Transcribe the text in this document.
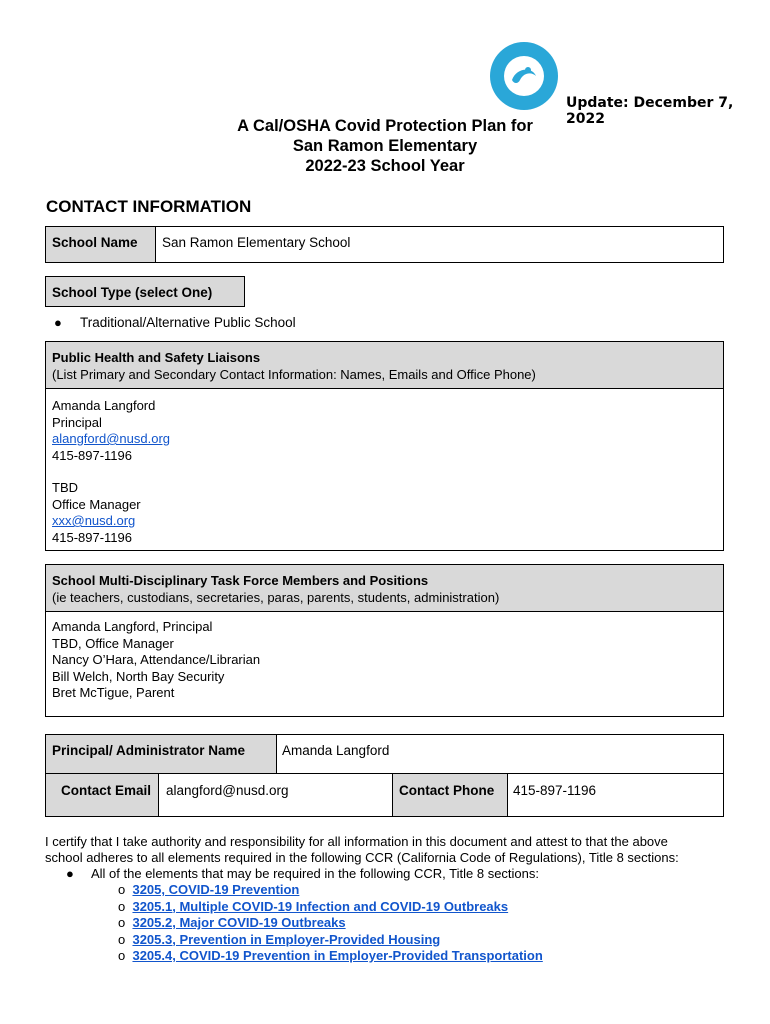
Update: December 7, 2022
A Cal/OSHA Covid Protection Plan for
San Ramon Elementary
2022-23 School Year
CONTACT INFORMATION
School Name San Ramon Elementary School
School Type (select One)
● Traditional/Alternative Public School
Public Health and Safety Liaisons
(List Primary and Secondary Contact Information: Names, Emails and Office Phone)
Amanda Langford
Principal
alangford@nusd.org
415-897-1196
TBD
Office Manager
xxx@nusd.org
415-897-1196
School Multi-Disciplinary Task Force Members and Positions
(ie teachers, custodians, secretaries, paras, parents, students, administration)
Amanda Langford, Principal
TBD, Office Manager
Nancy O’Hara, Attendance/Librarian
Bill Welch, North Bay Security
Bret McTigue, Parent
Principal/ Administrator Name	Amanda Langford
Contact Email alangford@nusd.org	Contact Phone 415-897-1196
I certify that I take authority and responsibility for all information in this document and attest to that the above
school adheres to all elements required in the following CCR (California Code of Regulations), Title 8 sections:
● All of the elements that may be required in the following CCR, Title 8 sections:
o 3205, COVID-19 Prevention
o 3205.1, Multiple COVID-19 Infection and COVID-19 Outbreaks
o 3205.2, Major COVID-19 Outbreaks
o 3205.3, Prevention in Employer-Provided Housing
o 3205.4, COVID-19 Prevention in Employer-Provided Transportation
